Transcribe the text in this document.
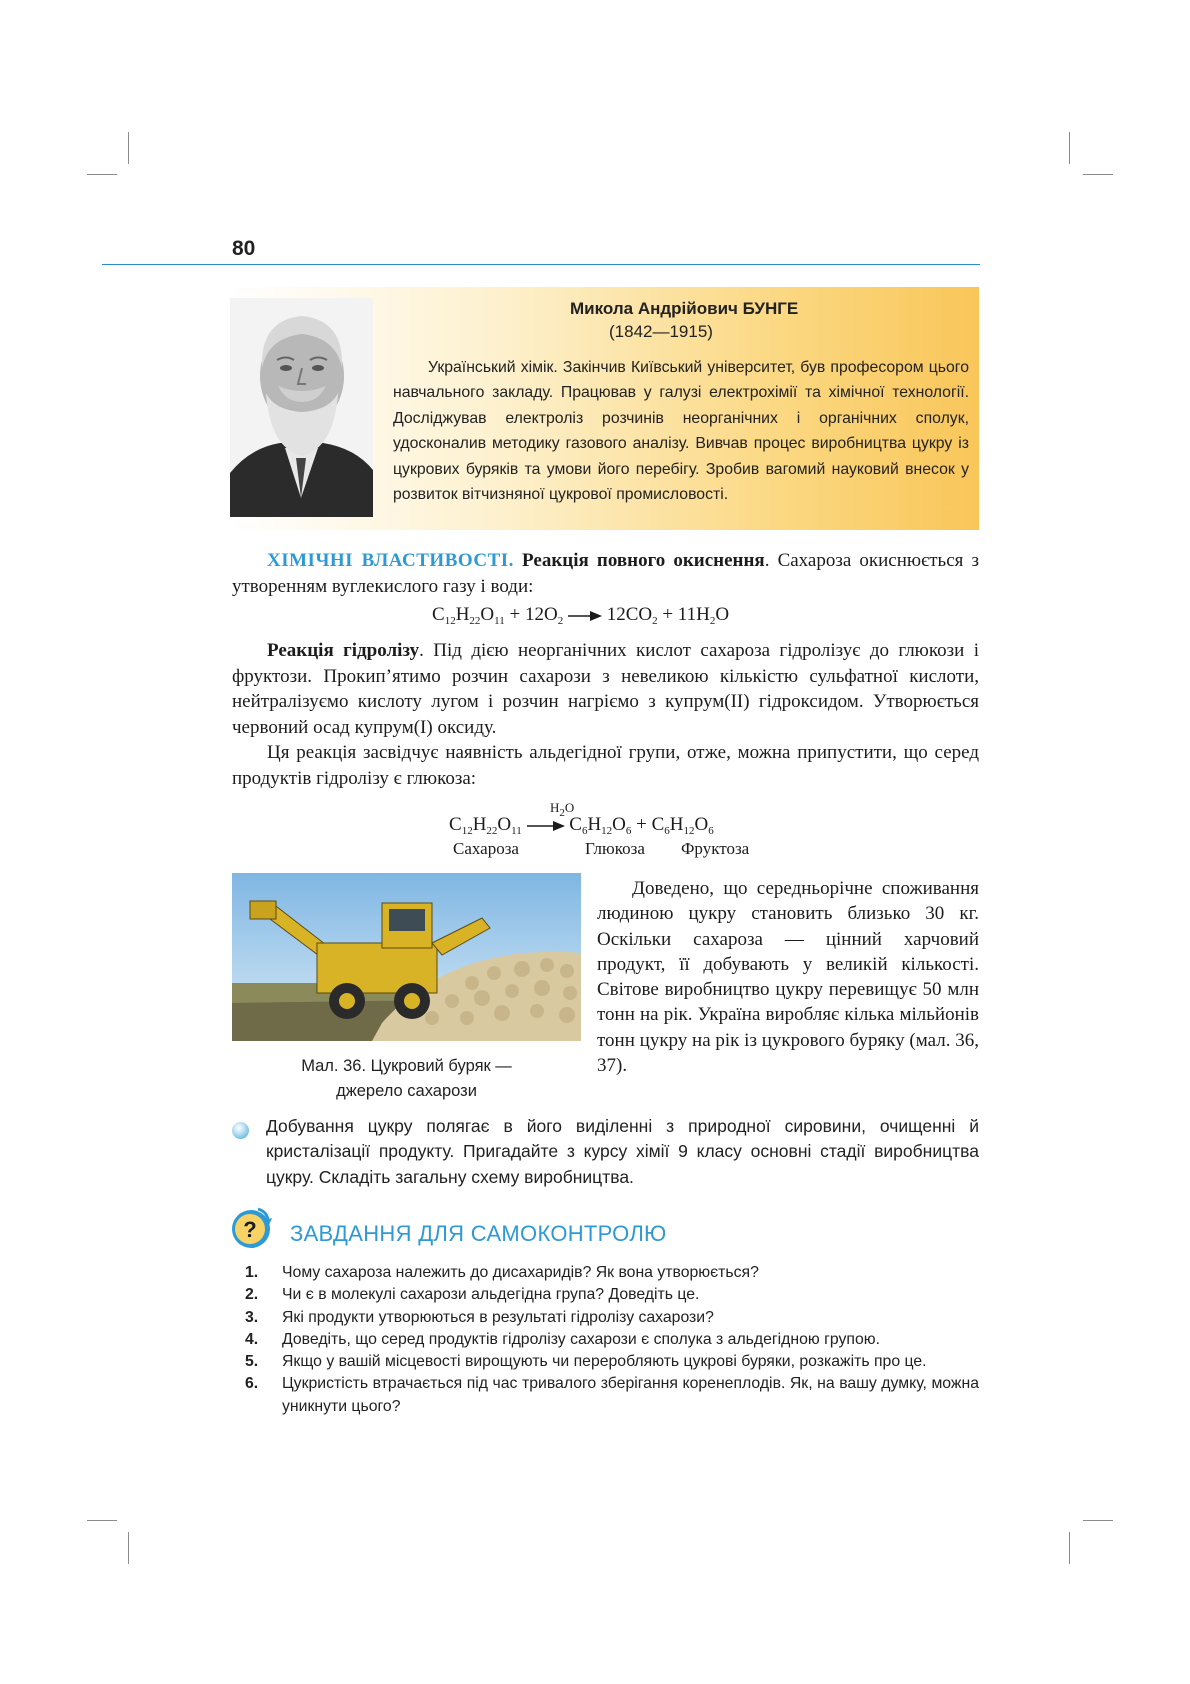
80
Микола Андрійович БУНГЕ
(1842—1915)

Український хімік. Закінчив Київський університет, був професором цього навчального закладу. Працював у галузі електрохімії та хімічної технології. Досліджував електроліз розчинів неорганічних і органічних сполук, удосконалив методику газового аналізу. Вивчав процес виробництва цукру із цукрових буряків та умови його перебігу. Зробив вагомий науковий внесок у розвиток вітчизняної цукрової промисловості.

ХІМІЧНІ ВЛАСТИВОСТІ. Реакція повного окиснення. Сахароза окиснюється з утворенням вуглекислого газу і води:

$C_{12}H_{22}O_{11} + 12O_2 \to 12CO_2 + 11H_2O$

Реакція гідролізу. Під дією неорганічних кислот сахароза гідролізує до глюкози і фруктози. Прокип’ятимо розчин сахарози з невеликою кількістю сульфатної кислоти, нейтралізуємо кислоту лугом і розчин нагріємо з купрум(ІІ) гідроксидом. Утворюється червоний осад купрум(І) оксиду.

Ця реакція засвідчує наявність альдегідної групи, отже, можна припустити, що серед продуктів гідролізу є глюкоза:

$H_2O$
$C_{12}H_{22}O_{11} \to C_6H_{12}O_6 + C_6H_{12}O_6$
Сахароза	Глюкоза Фруктоза

Мал. 36. Цукровий буряк —
джерело сахарози

Доведено, що середньорічне споживання людиною цукру становить близько 30 кг. Оскільки сахароза — цінний харчовий продукт, її добувають у великій кількості. Світове виробництво цукру перевищує 50 млн тонн на рік. Україна виробляє кілька мільйонів тонн цукру на рік із цукрового буряку (мал. 36, 37).

Добування цукру полягає в його виділенні з природної сировини, очищенні й кристалізації продукту. Пригадайте з курсу хімії 9 класу основні стадії виробництва цукру. Складіть загальну схему виробництва.

? ЗАВДАННЯ ДЛЯ САМОКОНТРОЛЮ
1. Чому сахароза належить до дисахаридів? Як вона утворюється?
2. Чи є в молекулі сахарози альдегідна група? Доведіть це.
3. Які продукти утворюються в результаті гідролізу сахарози?
4. Доведіть, що серед продуктів гідролізу сахарози є сполука з альдегідною групою.
5. Якщо у вашій місцевості вирощують чи переробляють цукрові буряки, розкажіть про це.
6. Цукристість втрачається під час тривалого зберігання коренеплодів. Як, на вашу думку, можна уникнути цього?
